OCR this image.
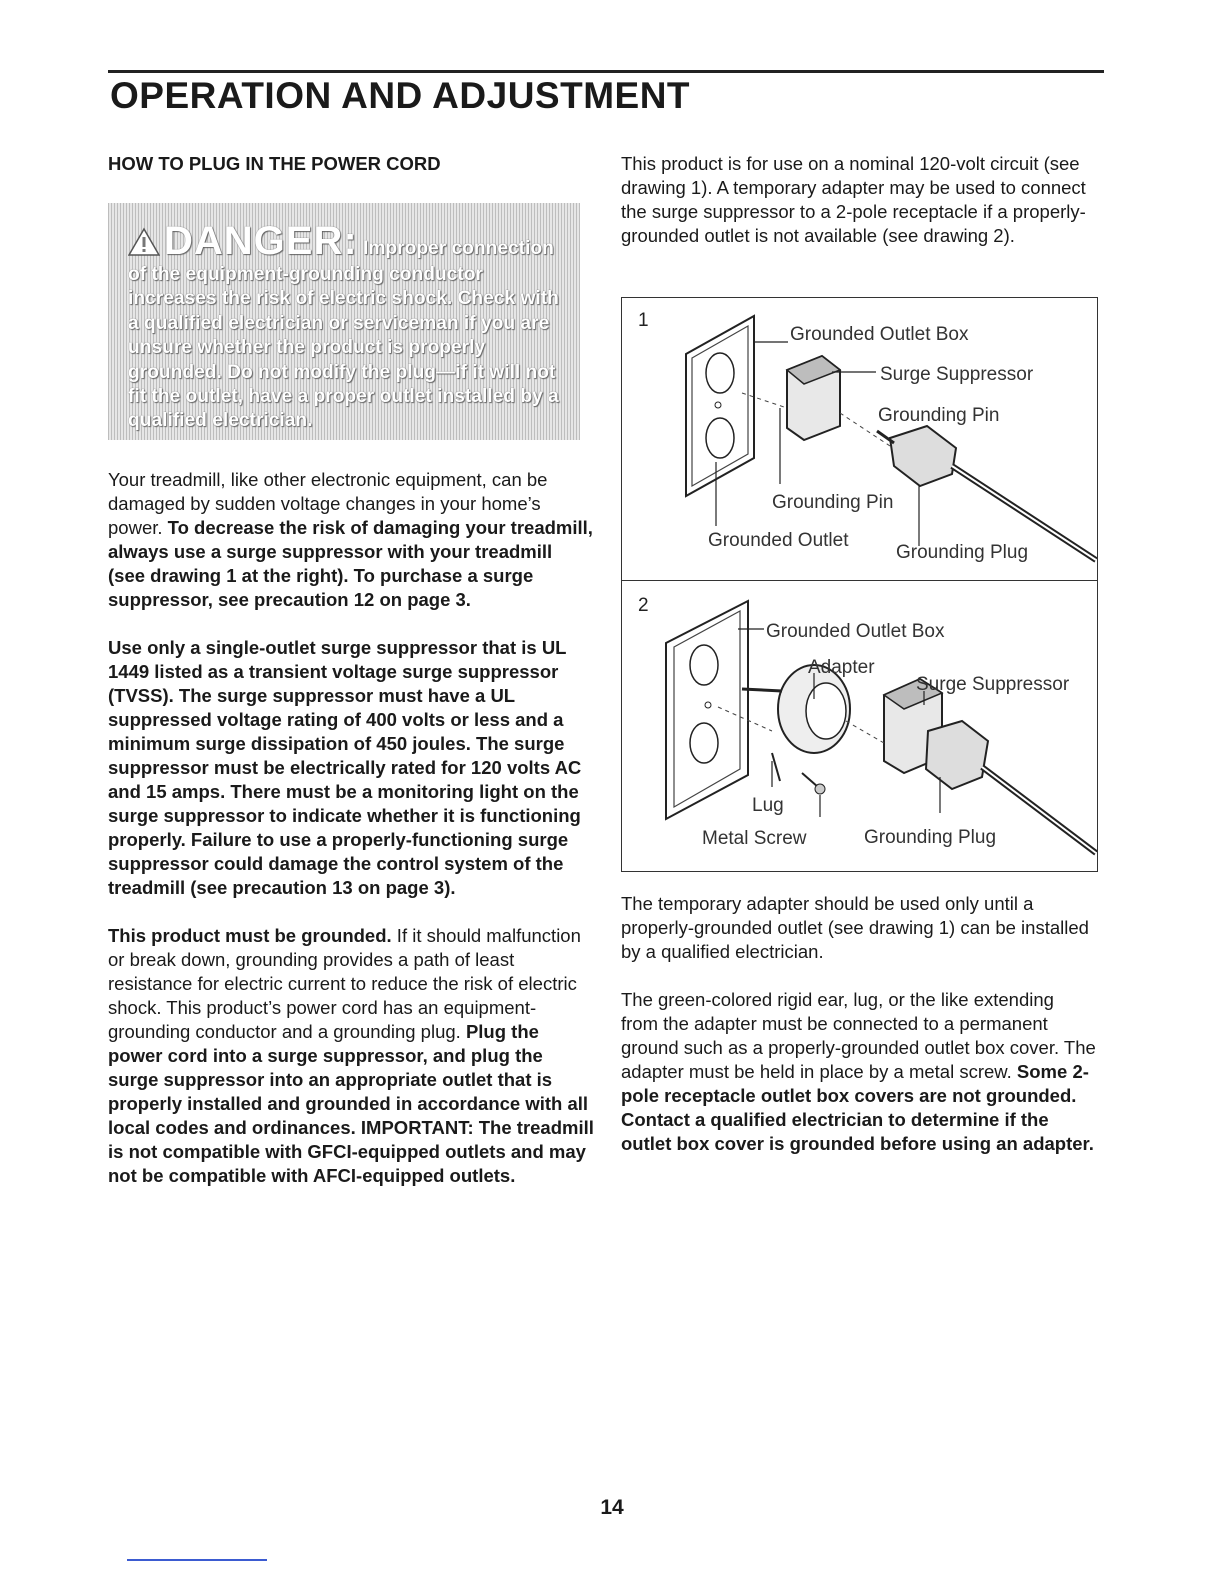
OPERATION AND ADJUSTMENT
HOW TO PLUG IN THE POWER CORD
DANGER: Improper connection of the equipment-grounding conductor increases the risk of electric shock. Check with a qualified electrician or serviceman if you are unsure whether the product is properly grounded. Do not modify the plug—if it will not fit the outlet, have a proper outlet installed by a qualified electrician.

Your treadmill, like other electronic equipment, can be damaged by sudden voltage changes in your home’s power. To decrease the risk of damaging your treadmill, always use a surge suppressor with your treadmill (see drawing 1 at the right). To purchase a surge suppressor, see precaution 12 on page 3.

Use only a single-outlet surge suppressor that is UL 1449 listed as a transient voltage surge suppressor (TVSS). The surge suppressor must have a UL suppressed voltage rating of 400 volts or less and a minimum surge dissipation of 450 joules. The surge suppressor must be electrically rated for 120 volts AC and 15 amps. There must be a monitoring light on the surge suppressor to indicate whether it is functioning properly. Failure to use a properly-functioning surge suppressor could damage the control system of the treadmill (see precaution 13 on page 3).

This product must be grounded. If it should malfunction or break down, grounding provides a path of least resistance for electric current to reduce the risk of electric shock. This product’s power cord has an equipment-grounding conductor and a grounding plug. Plug the power cord into a surge suppressor, and plug the surge suppressor into an appropriate outlet that is properly installed and grounded in accordance with all local codes and ordinances. IMPORTANT: The treadmill is not compatible with GFCI-equipped outlets and may not be compatible with AFCI-equipped outlets.

This product is for use on a nominal 120-volt circuit (see drawing 1). A temporary adapter may be used to connect the surge suppressor to a 2-pole receptacle if a properly-grounded outlet is not available (see drawing 2).

1
Grounded Outlet Box
Surge Suppressor
Grounding Pin
Grounding Pin
Grounded Outlet
Grounding Plug
2
Grounded Outlet Box
Adapter
Surge Suppressor
Lug
Metal Screw	Grounding Plug

The temporary adapter should be used only until a properly-grounded outlet (see drawing 1) can be installed by a qualified electrician.

The green-colored rigid ear, lug, or the like extending from the adapter must be connected to a permanent ground such as a properly-grounded outlet box cover. The adapter must be held in place by a metal screw. Some 2-pole receptacle outlet box covers are not grounded. Contact a qualified electrician to determine if the outlet box cover is grounded before using an adapter.

14
